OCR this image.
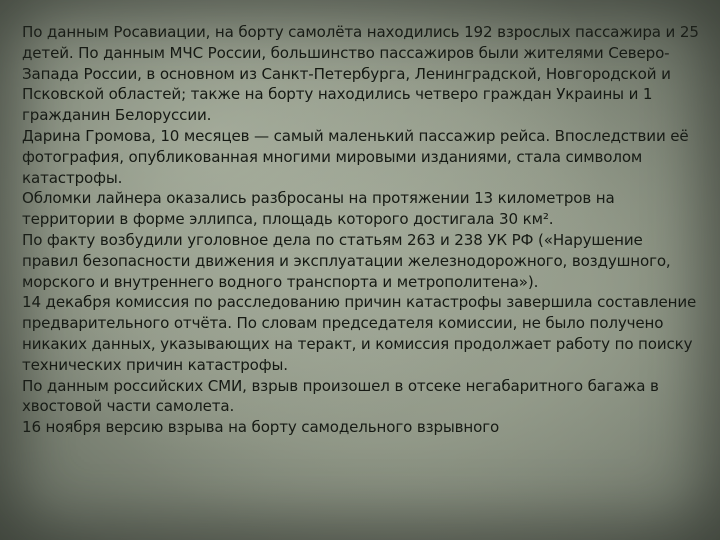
По данным Росавиации, на борту самолёта находились 192 взрослых пассажира и 25 детей. По данным МЧС России, большинство пассажиров были жителями Северо-Запада России, в основном из Санкт-Петербурга, Ленинградской, Новгородской и Псковской областей; также на борту находились четверо граждан Украины и 1 гражданин Белоруссии.

Дарина Громова, 10 месяцев — самый маленький пассажир рейса. Впоследствии её фотография, опубликованная многими мировыми изданиями, стала символом катастрофы.

Обломки лайнера оказались разбросаны на протяжении 13 километров на территории в форме эллипса, площадь которого достигала 30 км².

По факту возбудили уголовное дела по статьям 263 и 238 УК РФ («Нарушение правил безопасности движения и эксплуатации железнодорожного, воздушного, морского и внутреннего водного транспорта и метрополитена»).

14 декабря комиссия по расследованию причин катастрофы завершила составление предварительного отчёта. По словам председателя комиссии, не было получено никаких данных, указывающих на теракт, и комиссия продолжает работу по поиску технических причин катастрофы.

По данным российских СМИ, взрыв произошел в отсеке негабаритного багажа в хвостовой части самолета.

16 ноября версию взрыва на борту самодельного взрывного
